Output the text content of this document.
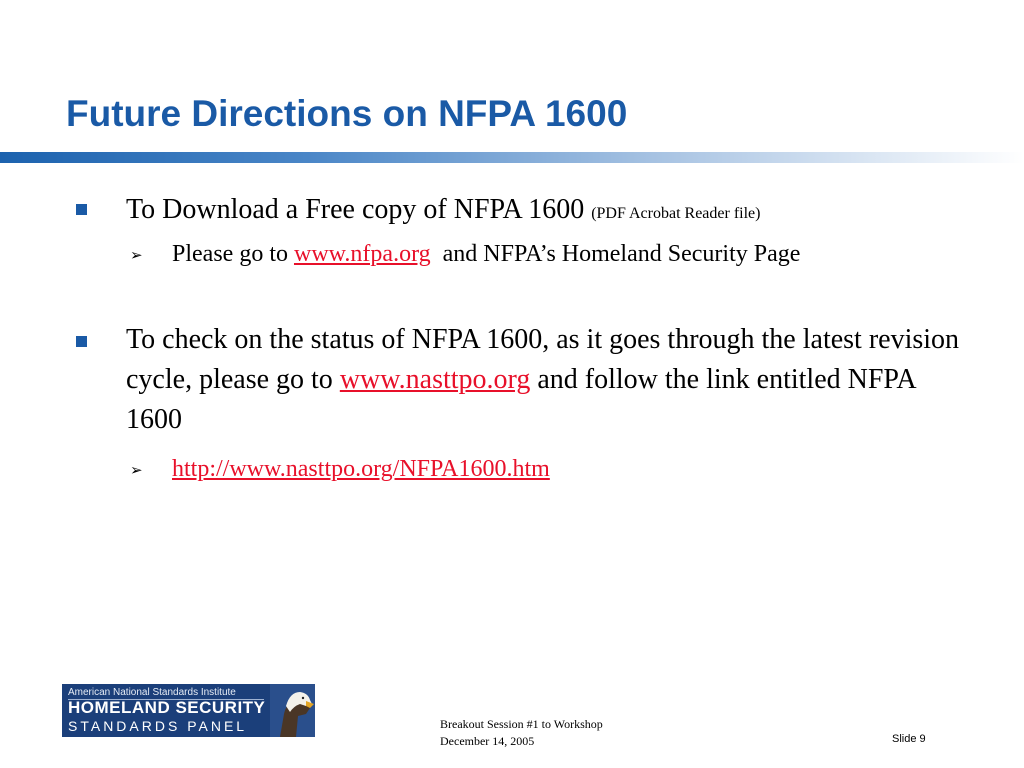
Future Directions on NFPA 1600
To Download a Free copy of NFPA 1600 (PDF Acrobat Reader file)
➢ Please go to www.nfpa.org  and NFPA’s Homeland Security Page
To check on the status of NFPA 1600, as it goes through the latest revision cycle, please go to www.nasttpo.org and follow the link entitled NFPA 1600
➢ http://www.nasttpo.org/NFPA1600.htm
American National Standards Institute
HOMELAND SECURITY
STANDARDS PANEL	Breakout Session #1 to Workshop
December 14, 2005	Slide 9
